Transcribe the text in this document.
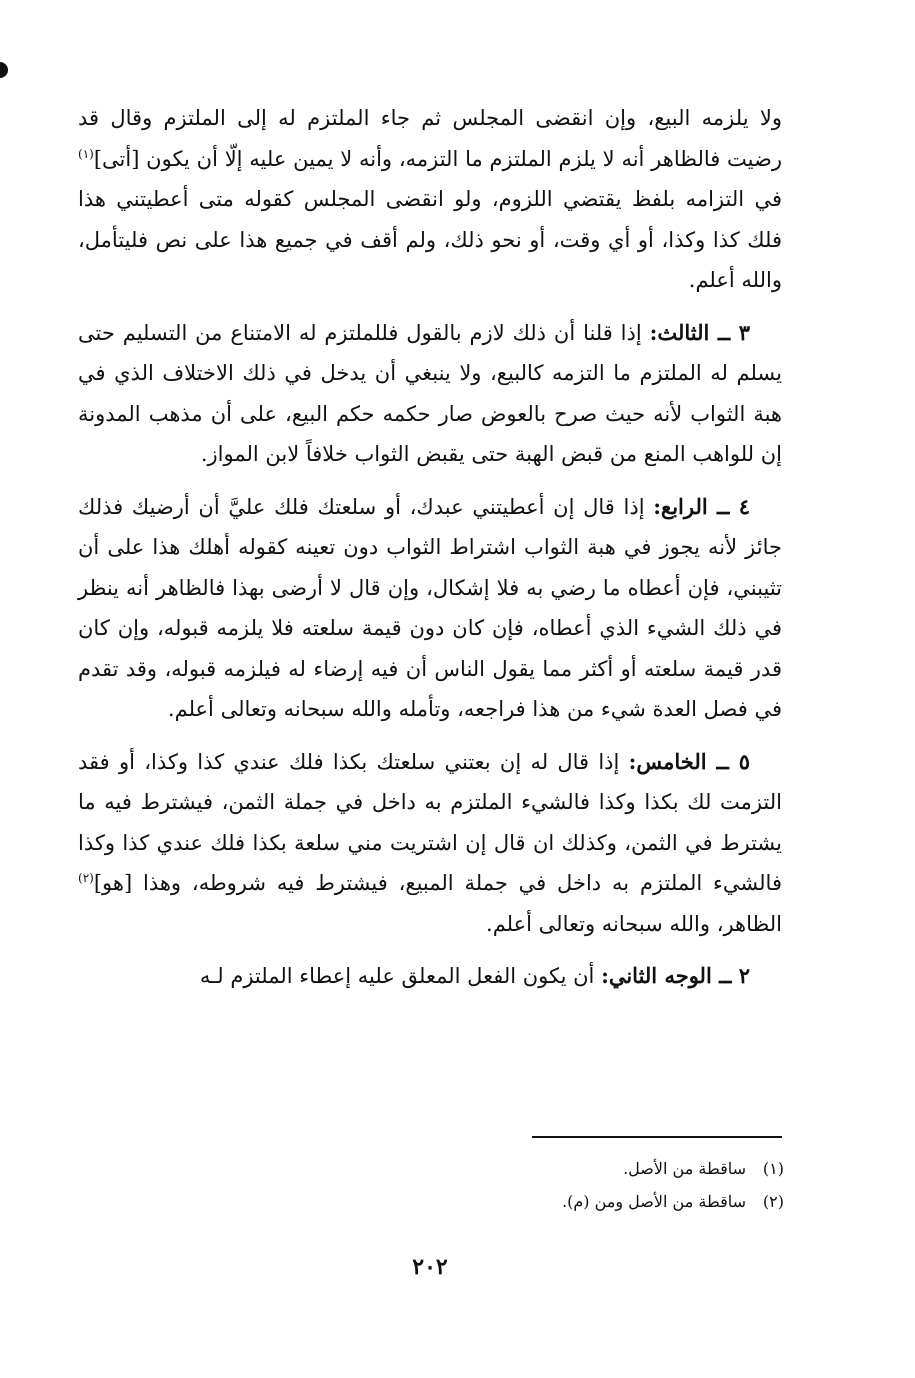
ولا يلزمه البيع، وإن انقضى المجلس ثم جاء الملتزم له إلى الملتزم وقال قد رضيت فالظاهر أنه لا يلزم الملتزم ما التزمه، وأنه لا يمين عليه إلّا أن يكون [أتى]$^{(١)}$ في التزامه بلفظ يقتضي اللزوم، ولو انقضى المجلس كقوله متى أعطيتني هذا فلك كذا وكذا، أو أي وقت، أو نحو ذلك، ولم أقف في جميع هذا على نص فليتأمل، والله أعلم.

٣ ــ الثالث: إذا قلنا أن ذلك لازم بالقول فللملتزم له الامتناع من التسليم حتى يسلم له الملتزم ما التزمه كالبيع، ولا ينبغي أن يدخل في ذلك الاختلاف الذي في هبة الثواب لأنه حيث صرح بالعوض صار حكمه حكم البيع، على أن مذهب المدونة إن للواهب المنع من قبض الهبة حتى يقبض الثواب خلافاً لابن المواز.

٤ ــ الرابع: إذا قال إن أعطيتني عبدك، أو سلعتك فلك عليَّ أن أرضيك فذلك جائز لأنه يجوز في هبة الثواب اشتراط الثواب دون تعينه كقوله أهلك هذا على أن تثيبني، فإن أعطاه ما رضي به فلا إشكال، وإن قال لا أرضى بهذا فالظاهر أنه ينظر في ذلك الشيء الذي أعطاه، فإن كان دون قيمة سلعته فلا يلزمه قبوله، وإن كان قدر قيمة سلعته أو أكثر مما يقول الناس أن فيه إرضاء له فيلزمه قبوله، وقد تقدم في فصل العدة شيء من هذا فراجعه، وتأمله والله سبحانه وتعالى أعلم.

٥ ــ الخامس: إذا قال له إن بعتني سلعتك بكذا فلك عندي كذا وكذا، أو فقد التزمت لك بكذا وكذا فالشيء الملتزم به داخل في جملة الثمن، فيشترط فيه ما يشترط في الثمن، وكذلك ان قال إن اشتريت مني سلعة بكذا فلك عندي كذا وكذا فالشيء الملتزم به داخل في جملة المبيع، فيشترط فيه شروطه، وهذا [هو]$^{(٢)}$ الظاهر، والله سبحانه وتعالى أعلم.

٢ ــ الوجه الثاني: أن يكون الفعل المعلق عليه إعطاء الملتزم لـه

(١)ساقطة من الأصل.
(٢)ساقطة من الأصل ومن (م).
٢٠٢
